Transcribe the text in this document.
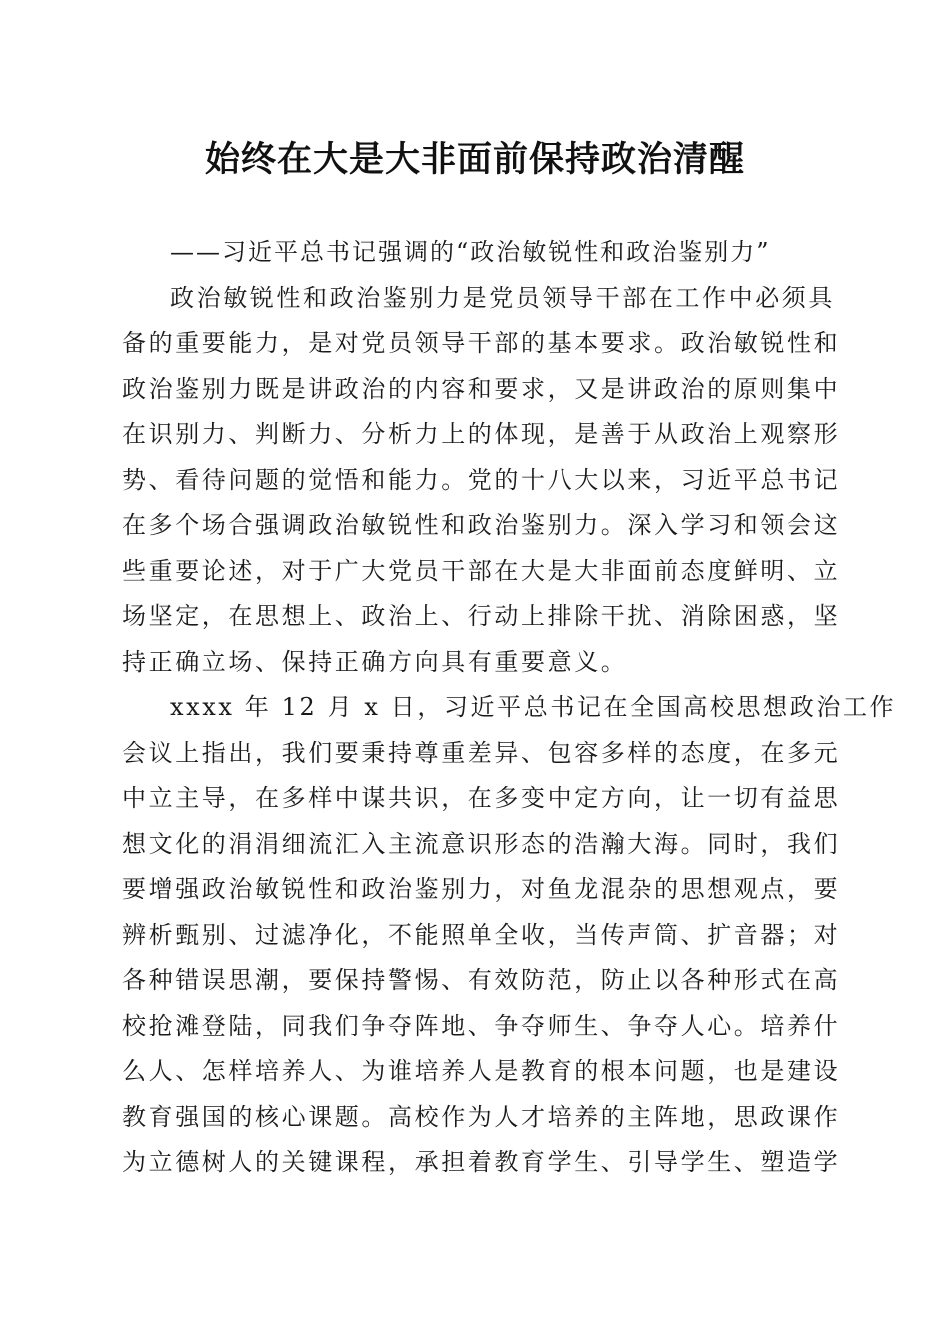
始终在大是大非面前保持政治清醒
——习近平总书记强调的“政治敏锐性和政治鉴别力”
政治敏锐性和政治鉴别力是党员领导干部在工作中必须具
备的重要能力，是对党员领导干部的基本要求。政治敏锐性和
政治鉴别力既是讲政治的内容和要求，又是讲政治的原则集中
在识别力、判断力、分析力上的体现，是善于从政治上观察形
势、看待问题的觉悟和能力。党的十八大以来，习近平总书记
在多个场合强调政治敏锐性和政治鉴别力。深入学习和领会这
些重要论述，对于广大党员干部在大是大非面前态度鲜明、立
场坚定，在思想上、政治上、行动上排除干扰、消除困惑，坚
持正确立场、保持正确方向具有重要意义。
xxxx 年 12 月 x 日，习近平总书记在全国高校思想政治工作
会议上指出，我们要秉持尊重差异、包容多样的态度，在多元
中立主导，在多样中谋共识，在多变中定方向，让一切有益思
想文化的涓涓细流汇入主流意识形态的浩瀚大海。同时，我们
要增强政治敏锐性和政治鉴别力，对鱼龙混杂的思想观点，要
辨析甄别、过滤净化，不能照单全收，当传声筒、扩音器；对
各种错误思潮，要保持警惕、有效防范，防止以各种形式在高
校抢滩登陆，同我们争夺阵地、争夺师生、争夺人心。培养什
么人、怎样培养人、为谁培养人是教育的根本问题，也是建设
教育强国的核心课题。高校作为人才培养的主阵地，思政课作
为立德树人的关键课程，承担着教育学生、引导学生、塑造学
